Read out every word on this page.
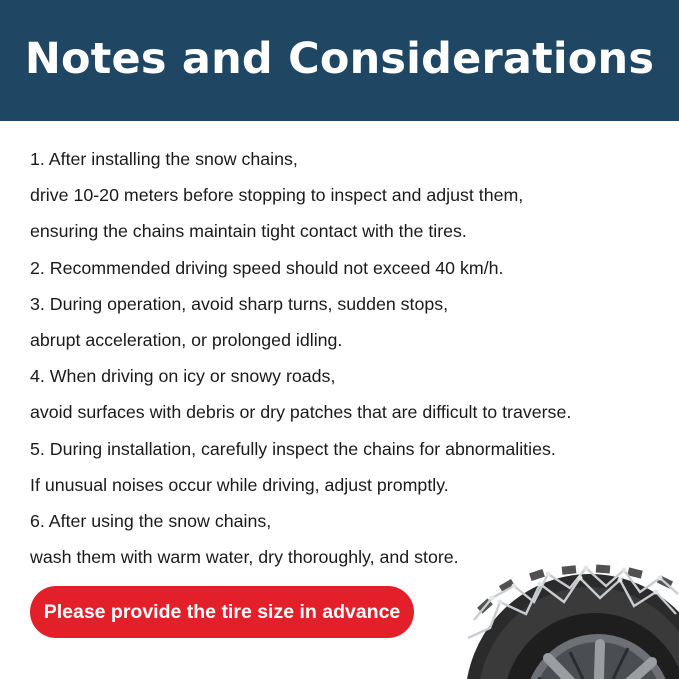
Notes and Considerations
1. After installing the snow chains,
drive 10-20 meters before stopping to inspect and adjust them,
ensuring the chains maintain tight contact with the tires.
2. Recommended driving speed should not exceed 40 km/h.
3. During operation, avoid sharp turns, sudden stops,
abrupt acceleration, or prolonged idling.
4. When driving on icy or snowy roads,
avoid surfaces with debris or dry patches that are difficult to traverse.
5. During installation, carefully inspect the chains for abnormalities.
If unusual noises occur while driving, adjust promptly.
6. After using the snow chains,
wash them with warm water, dry thoroughly, and store.
Please provide the tire size in advance
